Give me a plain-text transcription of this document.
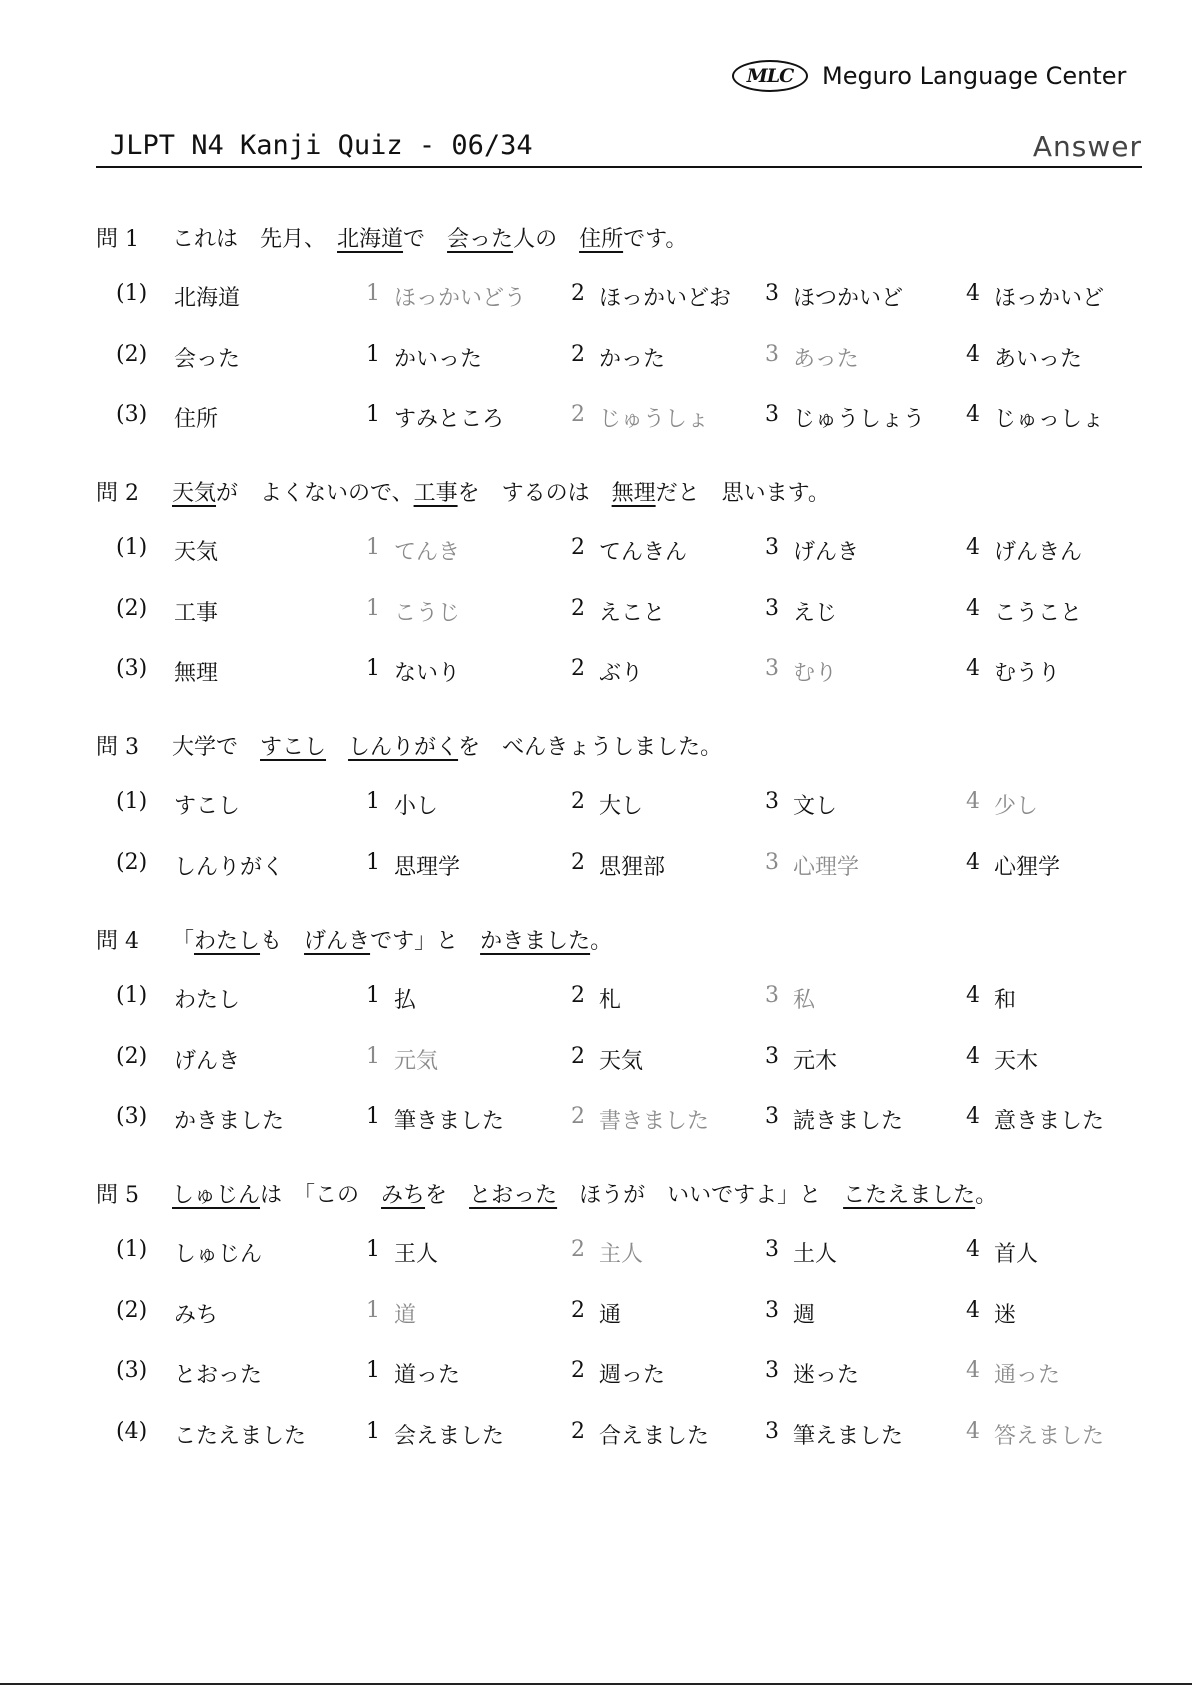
MLC	Meguro Language Center
JLPT N4 Kanji Quiz - 06/34	Answer
問 1 これは　先月、　北海道で　会った人の　住所です。
(1) 北海道	1 ほっかいどう 2 ほっかいどお 3 ほつかいど	4 ほっかいど
(2) 会った	1 かいった	2 かった	3 あった	4 あいった
(3) 住所	1 すみところ	2 じゅうしょ	3 じゅうしょう 4 じゅっしょ
問 2 天気が　よくないので、工事を　するのは　無理だと　思います。
(1) 天気	1 てんき	2 てんきん	3 げんき	4 げんきん
(2) 工事	1 こうじ	2 えこと	3 えじ	4 こうこと
(3) 無理	1 ないり	2 ぶり	3 むり	4 むうり
問 3 大学で　すこし　 しんりがくを　べんきょうしました。
(1) すこし	1 小し	2 大し	3 文し	4 少し
(2) しんりがく	1 思理学	2 思狸部	3 心理学	4 心狸学
問 4 「わたしも　げんきです」と　かきました。
(1) わたし	1 払	2 札	3 私	4 和
(2) げんき	1 元気	2 天気	3 元木	4 天木
(3) かきました	1 筆きました	2 書きました	3 読きました	4 意きました
問 5 しゅじんは　「この　みちを　とおった　ほうが　いいですよ」と　こたえました。
(1) しゅじん	1 王人	2 主人	3 土人	4 首人
(2) みち	1 道	2 通	3 週	4 迷
(3) とおった	1 道った	2 週った	3 迷った	4 通った
(4) こたえました	1 会えました	2 合えました	3 筆えました	4 答えました
